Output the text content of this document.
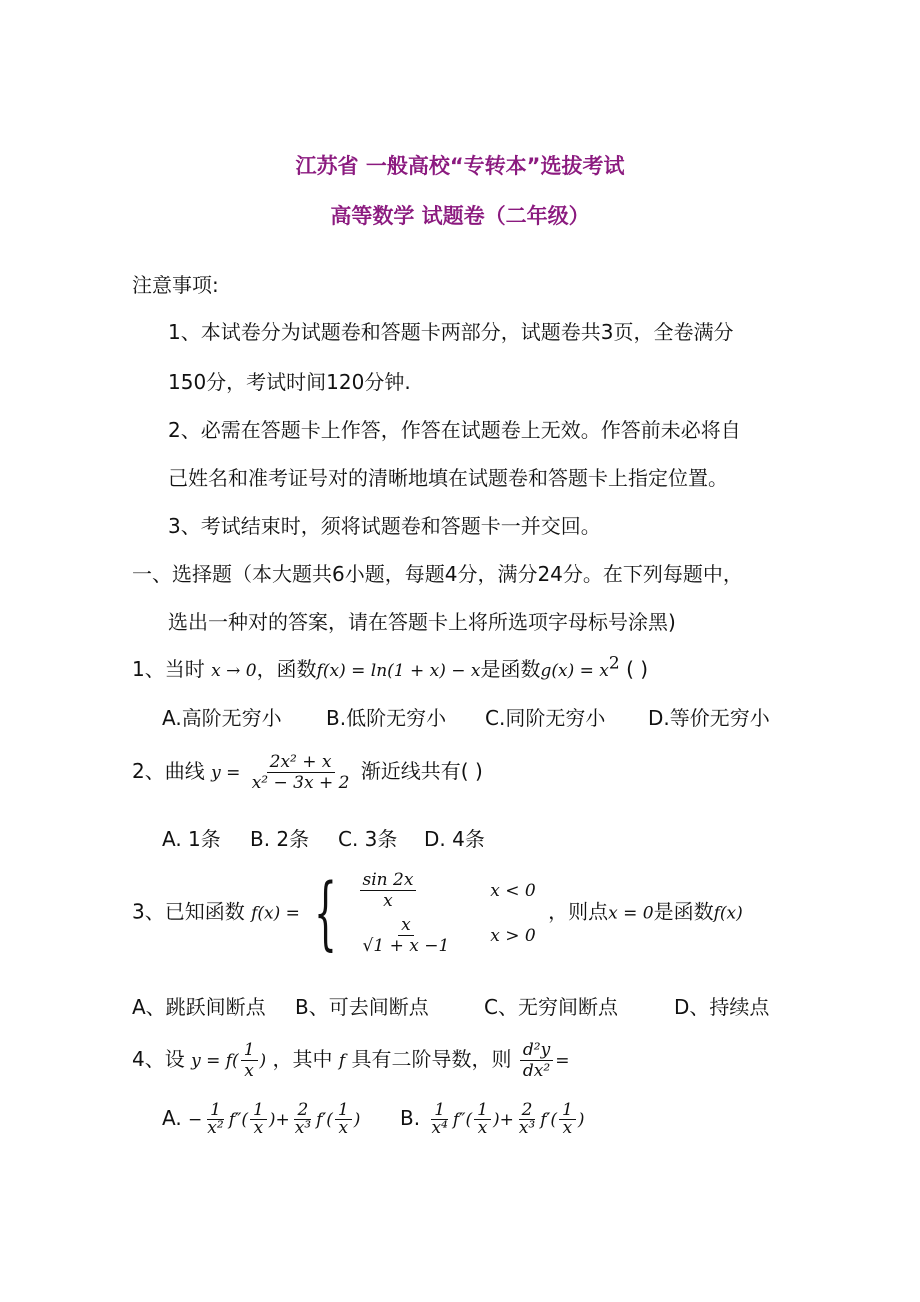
江苏省 一般高校“专转本”选拔考试
高等数学 试题卷（二年级）
注意事项:
1、本试卷分为试题卷和答题卡两部分，试题卷共3页，全卷满分
150分，考试时间120分钟.
2、必需在答题卡上作答，作答在试题卷上无效。作答前未必将自
己姓名和准考证号对的清晰地填在试题卷和答题卡上指定位置。
3、考试结束时，须将试题卷和答题卡一并交回。
一、选择题（本大题共6小题，每题4分，满分24分。在下列每题中，
选出一种对的答案，请在答题卡上将所选项字母标号涂黑)
1、当时 x → 0，函数f(x) = ln(1 + x) − x是函数$g(x) = x^2$ ( )
A.高阶无穷小 B.低阶无穷小 C.同阶无穷小 D.等价无穷小
2、曲线 $y = \frac{\text{2x² + x}}{\text{x² − 3x + 2}}$ 渐近线共有( )
A. 1条 B. 2条 C. 3条 D. 4条
3、已知函数 f(x) = { $\frac{\sin 2x}{x}$	x < 0

$\frac{x}{√1 + x -1}$	x > 0 ，则点x = 0是函数f(x)
A、跳跃间断点 B、可去间断点	C、无穷间断点	D、持续点
4、设 $y = f( \frac{1}{x}$ ) ，其中 f 具有二阶导数，则 $\frac{\text{d²y}}{\text{dx²}}$ =
A. − $\frac{1}{\text{x²}} f''( \frac{1}{x}$ )+ $\frac{2}{\text{x³}} f'( \frac{1}{x}$ ) B. $\frac{1}{\text{x⁴}} f''( \frac{1}{x}$ )+ $\frac{2}{\text{x³}} f'( \frac{1}{x}$ )
